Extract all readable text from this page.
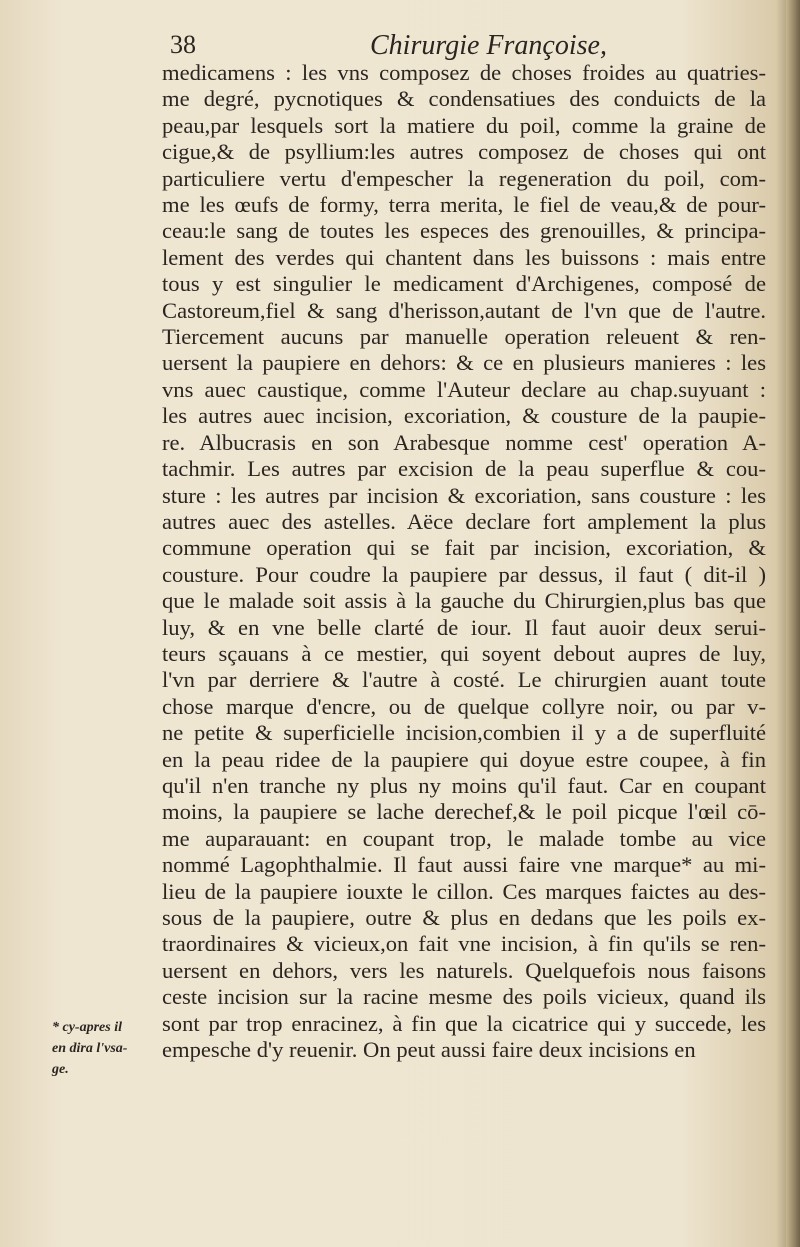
38	Chirurgie Françoise,
medicamens : les vns composez de choses froides au quatries-
me degré, pycnotiques & condensatiues des conduicts de la
peau,par lesquels sort la matiere du poil, comme la graine de
cigue,& de psyllium:les autres composez de choses qui ont
particuliere vertu d'empescher la regeneration du poil, com-
me les œufs de formy, terra merita, le fiel de veau,& de pour-
ceau:le sang de toutes les especes des grenouilles, & principa-
lement des verdes qui chantent dans les buissons : mais entre
tous y est singulier le medicament d'Archigenes, composé de
Castoreum,fiel & sang d'herisson,autant de l'vn que de l'autre.
Tiercement aucuns par manuelle operation releuent & ren-
uersent la paupiere en dehors: & ce en plusieurs manieres : les
vns auec caustique, comme l'Auteur declare au chap.suyuant :
les autres auec incision, excoriation, & cousture de la paupie-
re. Albucrasis en son Arabesque nomme cest' operation A-
tachmir. Les autres par excision de la peau superflue & cou-
sture : les autres par incision & excoriation, sans cousture : les
autres auec des astelles. Aëce declare fort amplement la plus
commune operation qui se fait par incision, excoriation, &
cousture. Pour coudre la paupiere par dessus, il faut ( dit-il )
que le malade soit assis à la gauche du Chirurgien,plus bas que
luy, & en vne belle clarté de iour. Il faut auoir deux serui-
teurs sçauans à ce mestier, qui soyent debout aupres de luy,
l'vn par derriere & l'autre à costé. Le chirurgien auant toute
chose marque d'encre, ou de quelque collyre noir, ou par v-
ne petite & superficielle incision,combien il y a de superfluité
en la peau ridee de la paupiere qui doyue estre coupee, à fin
qu'il n'en tranche ny plus ny moins qu'il faut. Car en coupant
moins, la paupiere se lache derechef,& le poil picque l'œil cō-
me auparauant: en coupant trop, le malade tombe au vice
nommé Lagophthalmie. Il faut aussi faire vne marque* au mi-
lieu de la paupiere iouxte le cillon. Ces marques faictes au des-
sous de la paupiere, outre & plus en dedans que les poils ex-
traordinaires & vicieux,on fait vne incision, à fin qu'ils se ren-
uersent en dehors, vers les naturels. Quelquefois nous faisons
ceste incision sur la racine mesme des poils vicieux, quand ils
sont par trop enracinez, à fin que la cicatrice qui y succede, les
empesche d'y reuenir. On peut aussi faire deux incisions en
* cy-apres il
en dira l'vsa-
ge.
